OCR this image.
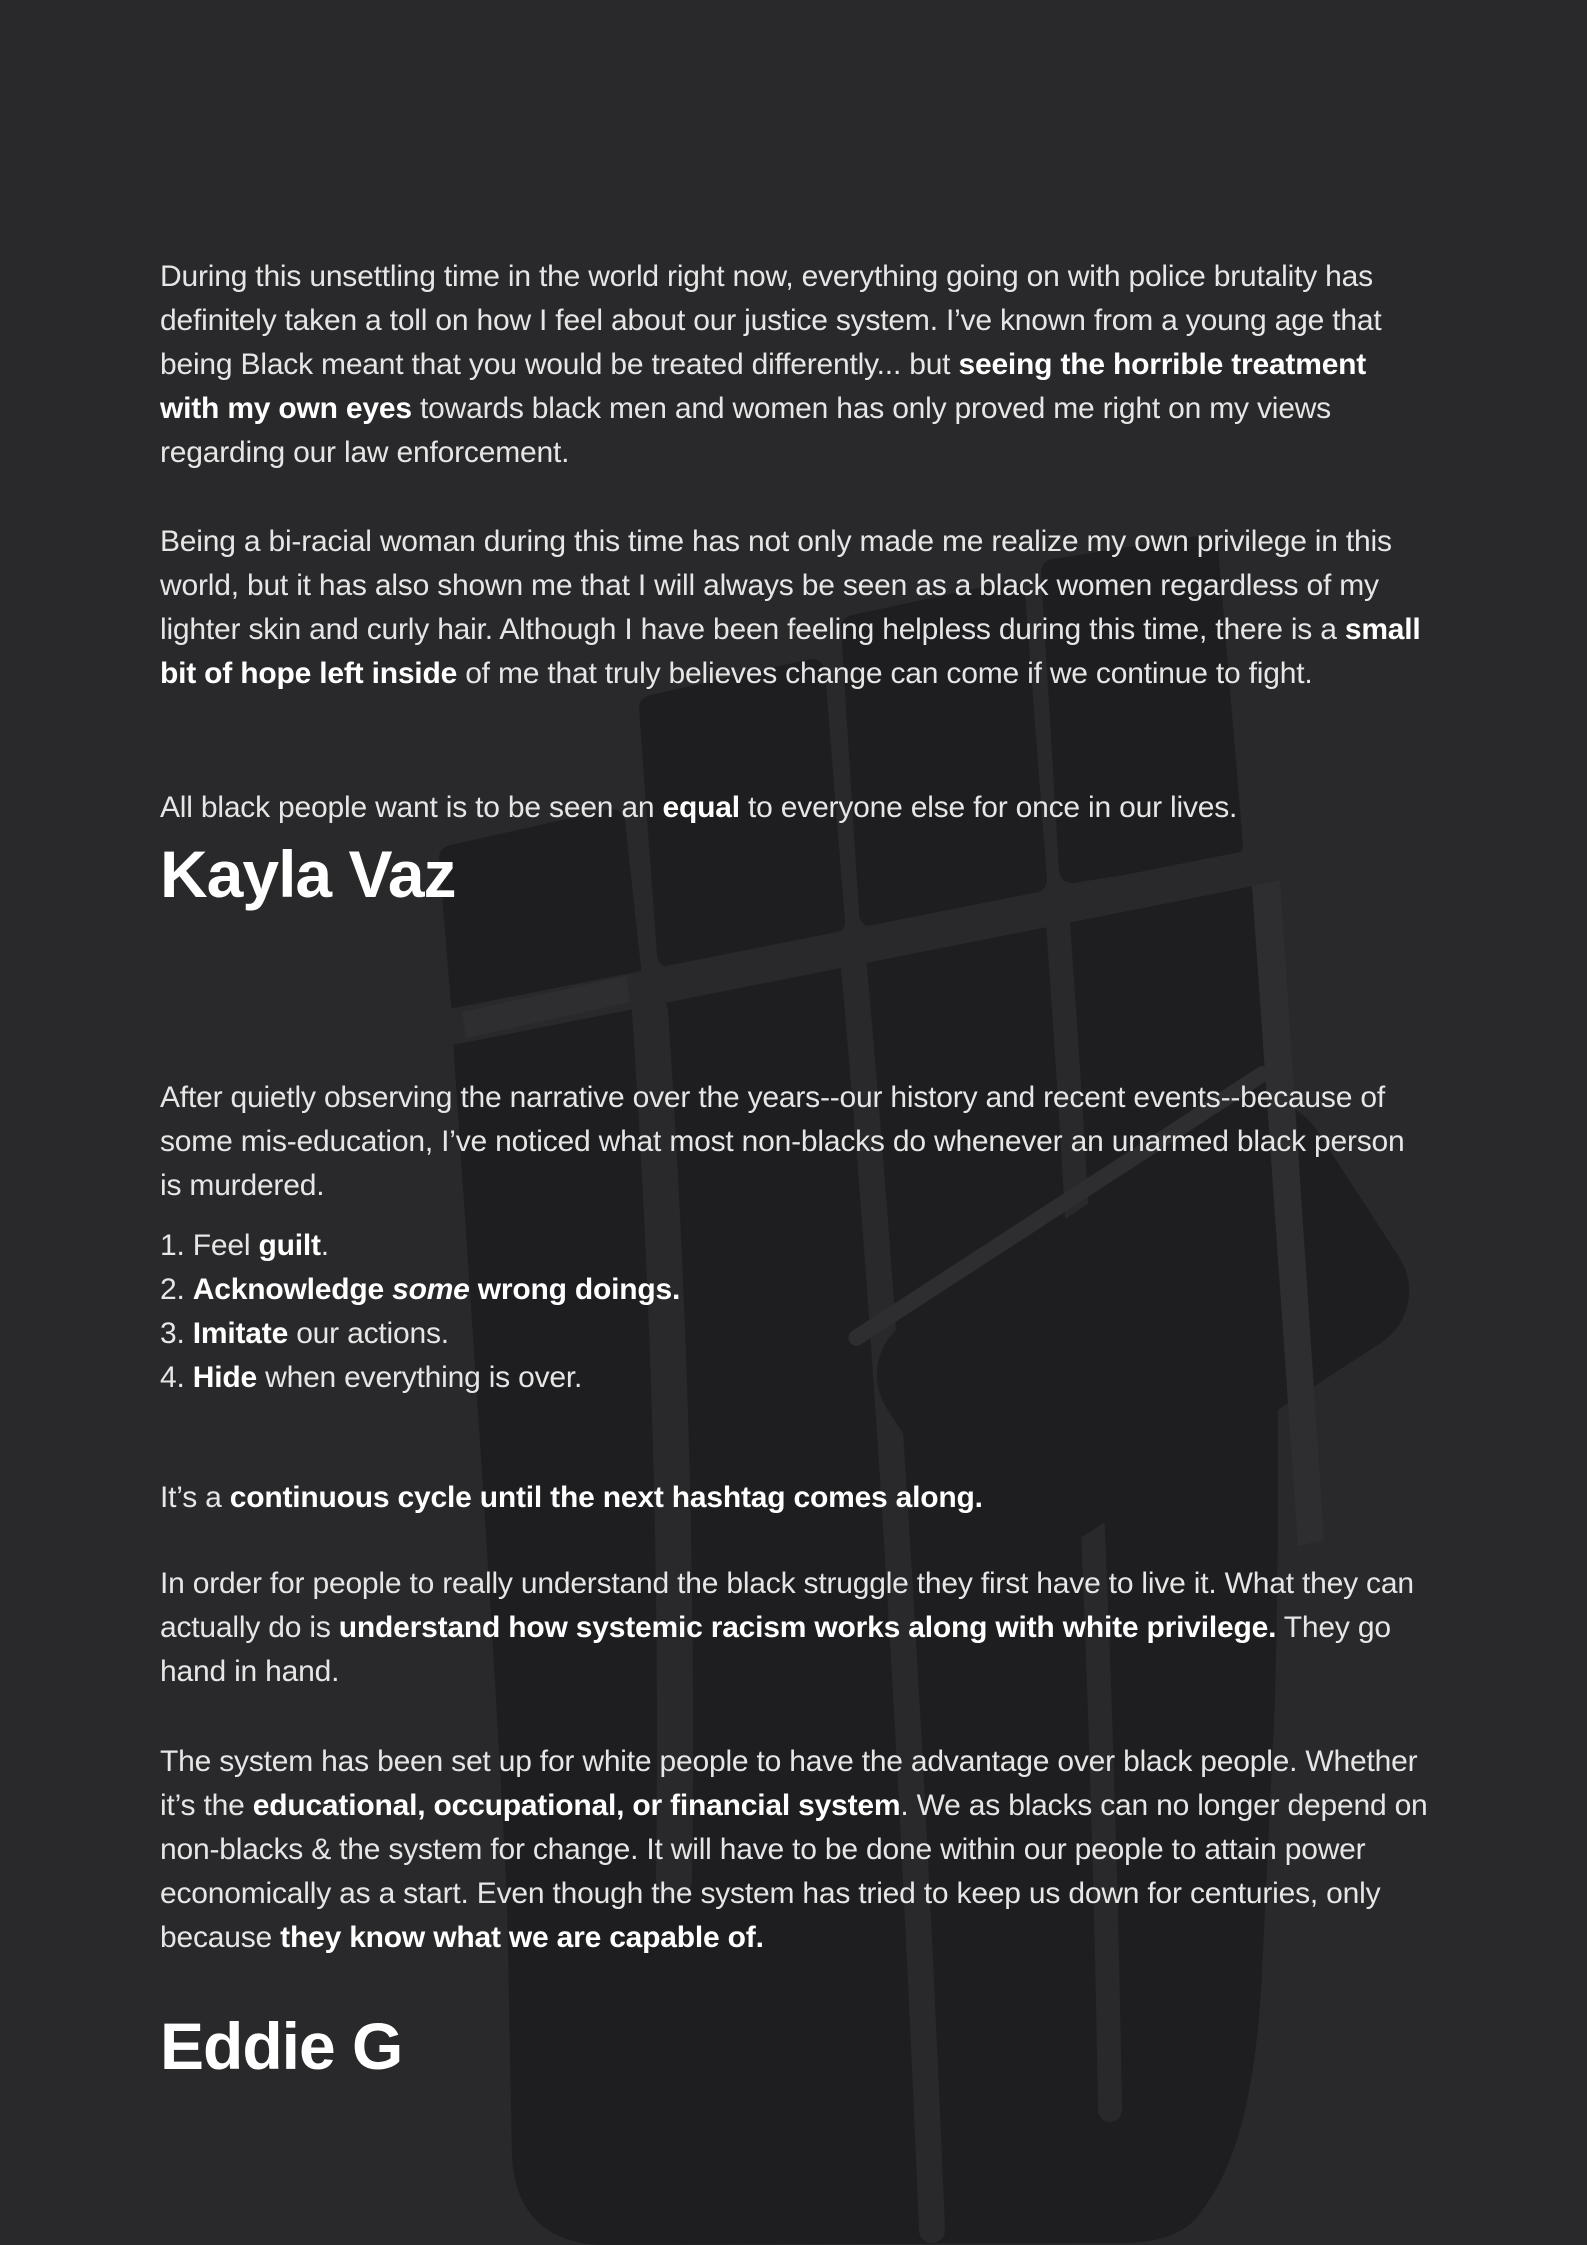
During this unsettling time in the world right now, everything going on with police brutality has definitely taken a toll on how I feel about our justice system. I’ve known from a young age that being Black meant that you would be treated differently... but seeing the horrible treatment with my own eyes towards black men and women has only proved me right on my views regarding our law enforcement.

Being a bi-racial woman during this time has not only made me realize my own privilege in this world, but it has also shown me that I will always be seen as a black women regardless of my lighter skin and curly hair. Although I have been feeling helpless during this time, there is a small bit of hope left inside of me that truly believes change can come if we continue to fight.

All black people want is to be seen an equal to everyone else for once in our lives.

Kayla Vaz

After quietly observing the narrative over the years--our history and recent events--because of some mis-education, I’ve noticed what most non-blacks do whenever an unarmed black person is murdered.

1. Feel guilt.
2. Acknowledge some wrong doings.
3. Imitate our actions.
4. Hide when everything is over.

It’s a continuous cycle until the next hashtag comes along.

In order for people to really understand the black struggle they first have to live it. What they can actually do is understand how systemic racism works along with white privilege. They go hand in hand.

The system has been set up for white people to have the advantage over black people. Whether it’s the educational, occupational, or financial system. We as blacks can no longer depend on non-blacks & the system for change. It will have to be done within our people to attain power economically as a start. Even though the system has tried to keep us down for centuries, only because they know what we are capable of.

Eddie G
